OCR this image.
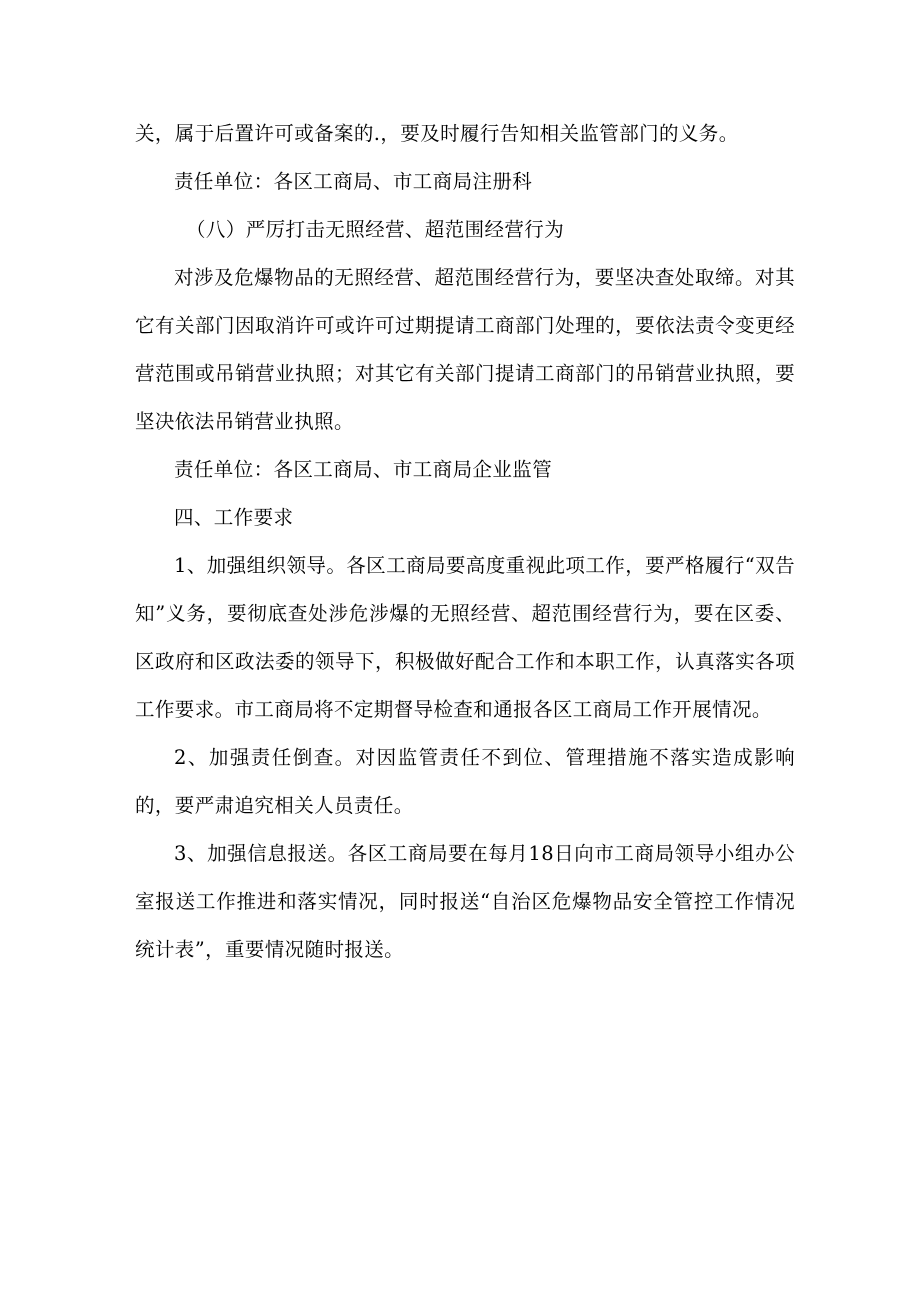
关，属于后置许可或备案的.，要及时履行告知相关监管部门的义务。

责任单位：各区工商局、市工商局注册科

（八）严厉打击无照经营、超范围经营行为

对涉及危爆物品的无照经营、超范围经营行为，要坚决查处取缔。对其它有关部门因取消许可或许可过期提请工商部门处理的，要依法责令变更经营范围或吊销营业执照；对其它有关部门提请工商部门的吊销营业执照，要坚决依法吊销营业执照。

责任单位：各区工商局、市工商局企业监管

四、工作要求

1、加强组织领导。各区工商局要高度重视此项工作，要严格履行“双告知”义务，要彻底查处涉危涉爆的无照经营、超范围经营行为，要在区委、区政府和区政法委的领导下，积极做好配合工作和本职工作，认真落实各项工作要求。市工商局将不定期督导检查和通报各区工商局工作开展情况。

2、加强责任倒查。对因监管责任不到位、管理措施不落实造成影响的，要严肃追究相关人员责任。

3、加强信息报送。各区工商局要在每月18日向市工商局领导小组办公室报送工作推进和落实情况，同时报送“自治区危爆物品安全管控工作情况统计表”，重要情况随时报送。
